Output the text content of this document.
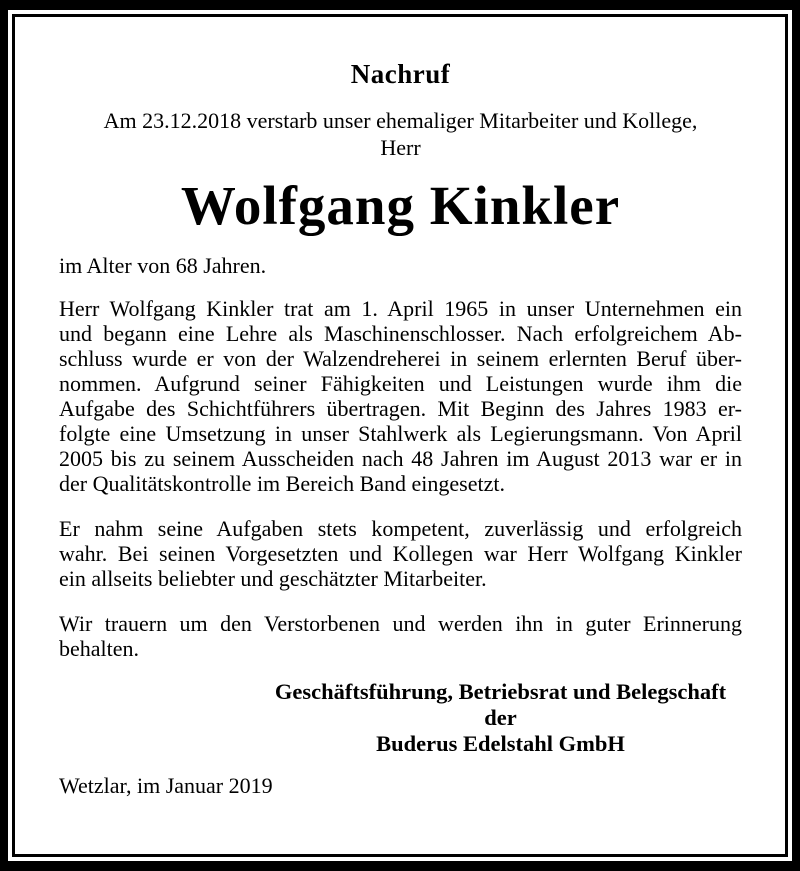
Nachruf
Am 23.12.2018 verstarb unser ehemaliger Mitarbeiter und Kollege,
Herr
Wolfgang Kinkler
im Alter von 68 Jahren.
Herr Wolfgang Kinkler trat am 1. April 1965 in unser Unternehmen ein
und begann eine Lehre als Maschinenschlosser. Nach erfolgreichem Ab-
schluss wurde er von der Walzendreherei in seinem erlernten Beruf über-
nommen. Aufgrund seiner Fähigkeiten und Leistungen wurde ihm die
Aufgabe des Schichtführers übertragen. Mit Beginn des Jahres 1983 er-
folgte eine Umsetzung in unser Stahlwerk als Legierungsmann. Von April
2005 bis zu seinem Ausscheiden nach 48 Jahren im August 2013 war er in
der Qualitätskontrolle im Bereich Band eingesetzt.
Er nahm seine Aufgaben stets kompetent, zuverlässig und erfolgreich
wahr. Bei seinen Vorgesetzten und Kollegen war Herr Wolfgang Kinkler
ein allseits beliebter und geschätzter Mitarbeiter.
Wir trauern um den Verstorbenen und werden ihn in guter Erinnerung
behalten.
Geschäftsführung, Betriebsrat und Belegschaft
der
Buderus Edelstahl GmbH
Wetzlar, im Januar 2019
